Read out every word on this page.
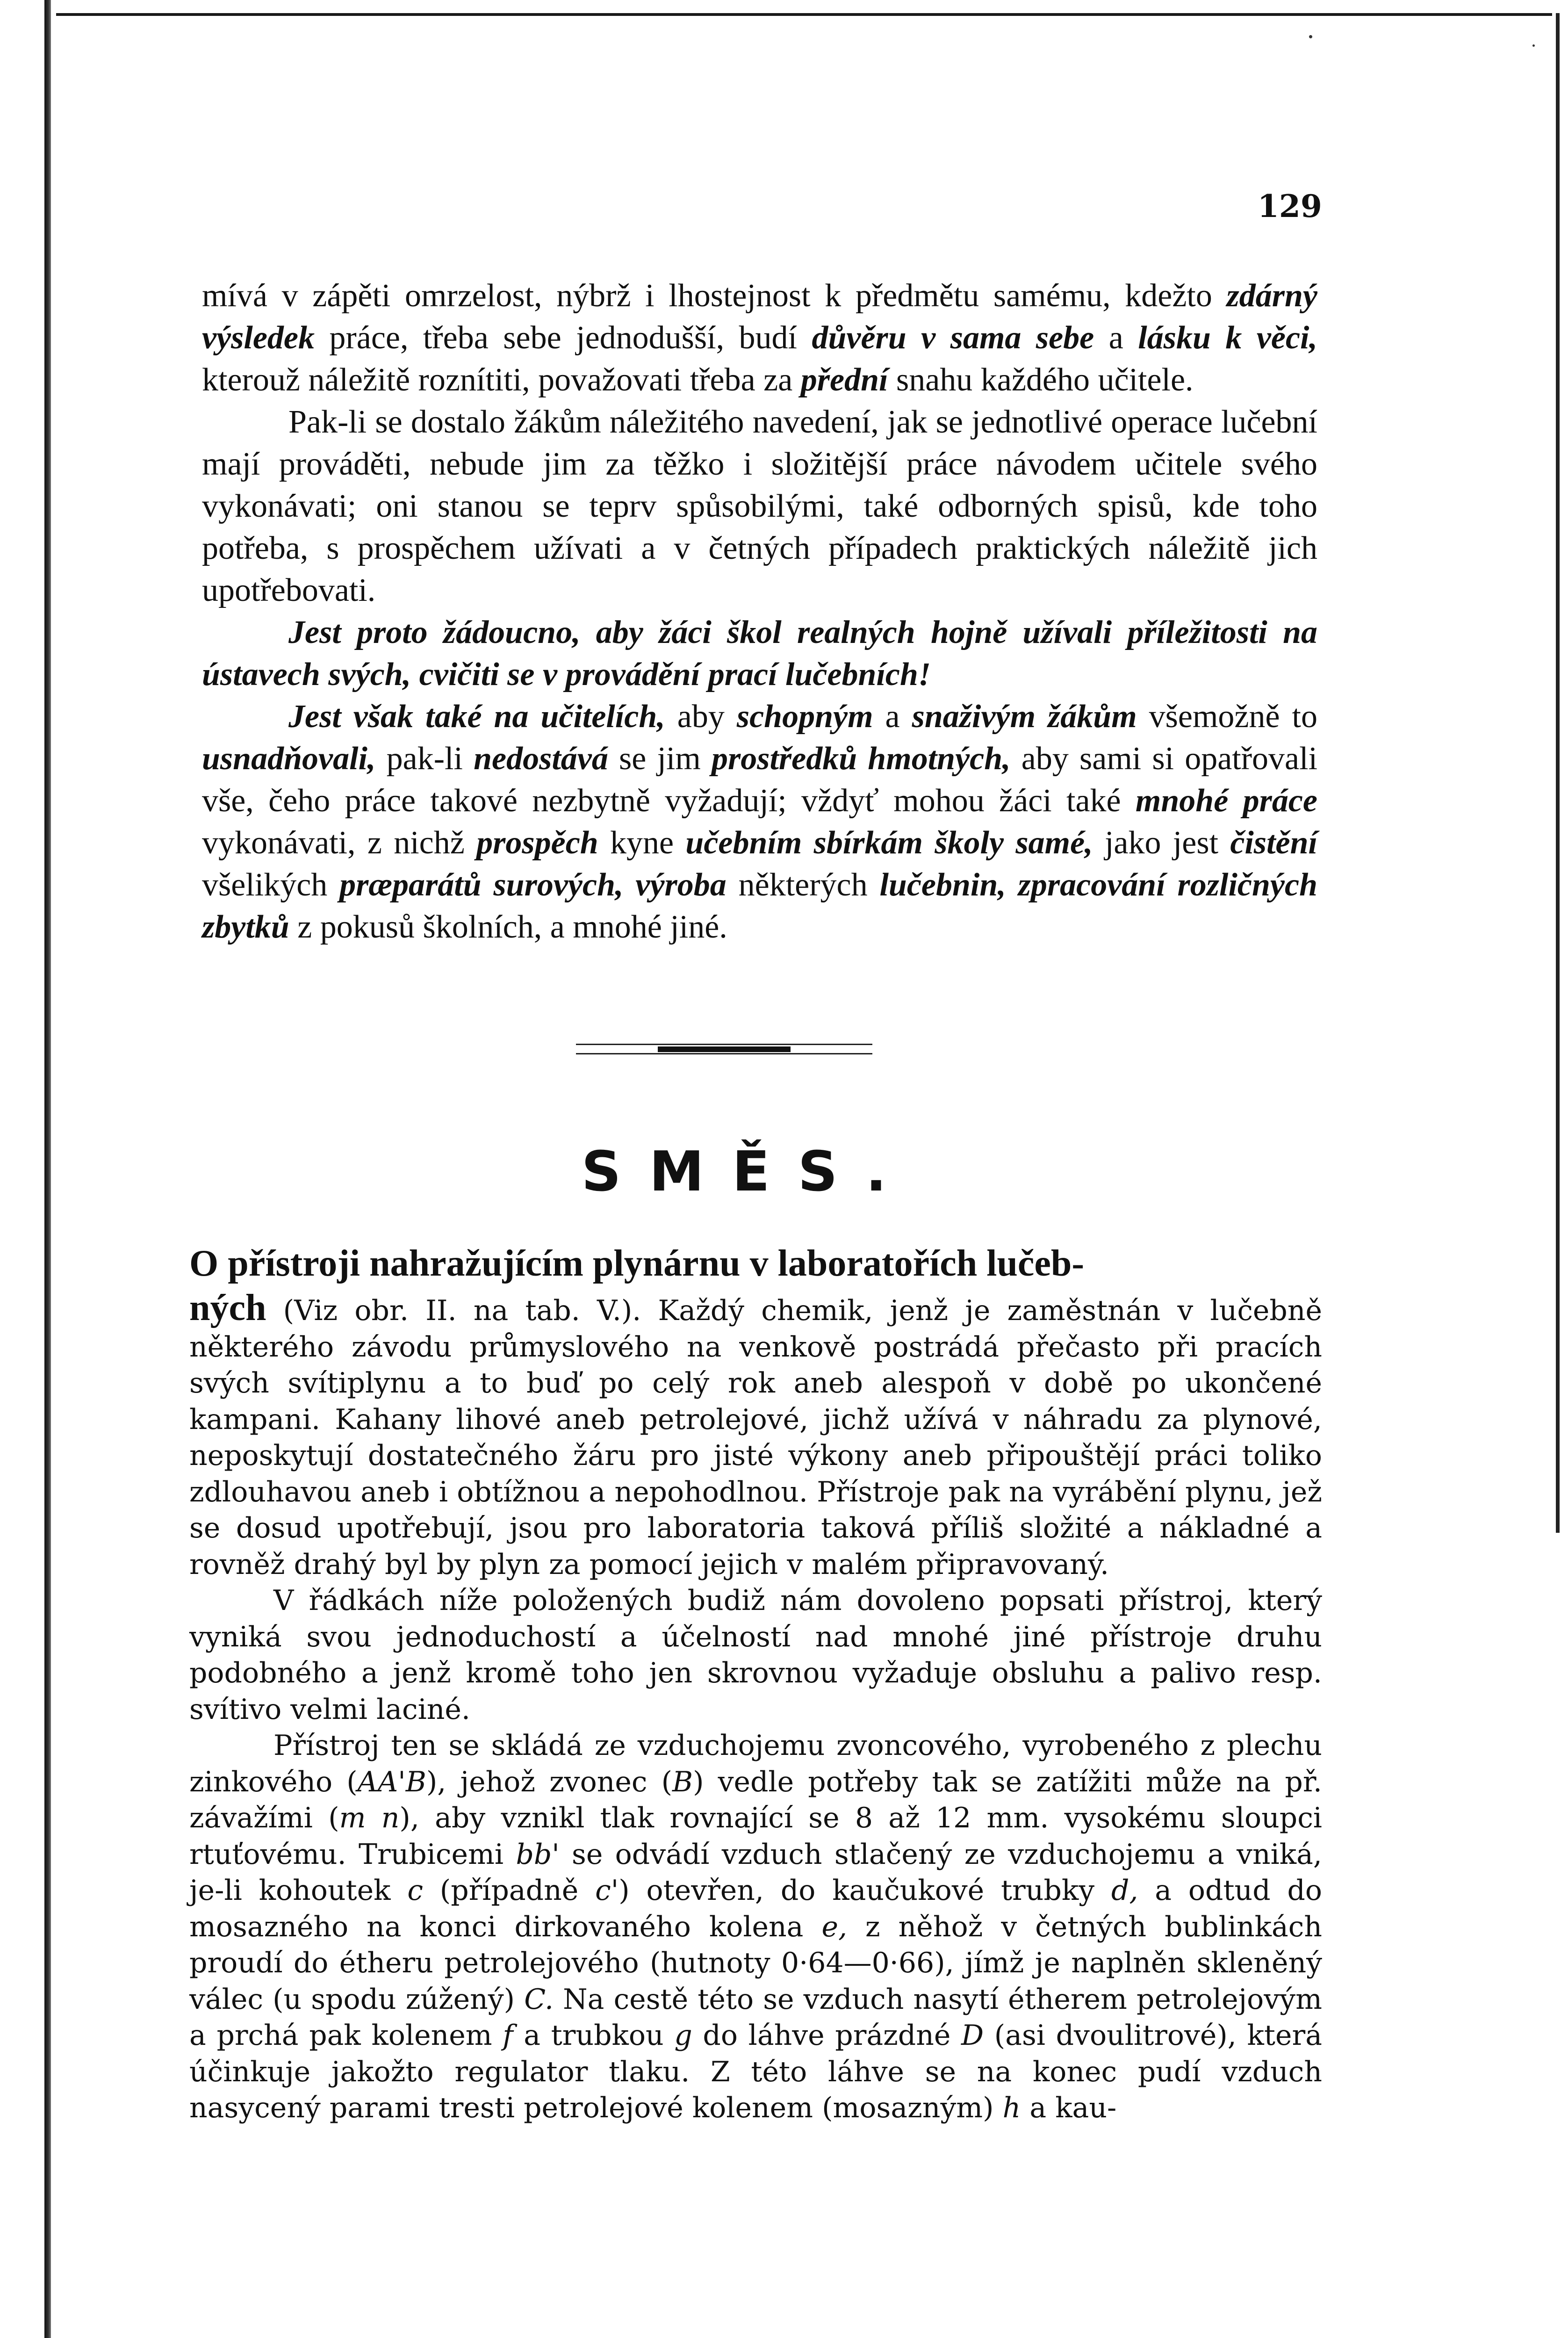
129

mívá v zápěti omrzelost, nýbrž i lhostejnost k předmětu samému, kdežto zdárný výsledek práce, třeba sebe jednodušší, budí důvěru v sama sebe a lásku k věci, kterouž náležitě roznítiti, považovati třeba za přední snahu každého učitele.

Pak-li se dostalo žákům náležitého navedení, jak se jednotlivé operace lučební mají prováděti, nebude jim za těžko i složitější práce návodem učitele svého vykonávati; oni stanou se teprv spůsobilými, také odborných spisů, kde toho potřeba, s prospěchem užívati a v četných případech praktických náležitě jich upotřebovati.

Jest proto žádoucno, aby žáci škol realných hojně užívali příležitosti na ústavech svých, cvičiti se v provádění prací lučebních!

Jest však také na učitelích, aby schopným a snaživým žákům všemožně to usnadňovali, pak-li nedostává se jim prostředků hmotných, aby sami si opatřovali vše, čeho práce takové nezbytně vyžadují; vždyť mohou žáci také mnohé práce vykonávati, z nichž prospěch kyne učebním sbírkám školy samé, jako jest čistění všelikých præparátů surových, výroba některých lučebnin, zpracování rozličných zbytků z pokusů školních, a mnohé jiné.

SMĚS.
O přístroji nahražujícím plynárnu v laboratořích lučeb-

ných (Viz obr. II. na tab. V.). Každý chemik, jenž je zaměstnán v lučebně některého závodu průmyslového na venkově postrádá přečasto při pracích svých svítiplynu a to buď po celý rok aneb alespoň v době po ukončené kampani. Kahany lihové aneb petrolejové, jichž užívá v náhradu za plynové, neposkytují dostatečného žáru pro jisté výkony aneb připouštějí práci toliko zdlouhavou aneb i obtížnou a nepohodlnou. Přístroje pak na vyrábění plynu, jež se dosud upotřebují, jsou pro laboratoria taková příliš složité a nákladné a rovněž drahý byl by plyn za pomocí jejich v malém připravovaný.

V řádkách níže položených budiž nám dovoleno popsati přístroj, který vyniká svou jednoduchostí a účelností nad mnohé jiné přístroje druhu podobného a jenž kromě toho jen skrovnou vyžaduje obsluhu a palivo resp. svítivo velmi laciné.

Přístroj ten se skládá ze vzduchojemu zvoncového, vyrobeného z plechu zinkového (AA'B), jehož zvonec (B) vedle potřeby tak se zatížiti může na př. závažími (m n), aby vznikl tlak rovnající se 8 až 12 mm. vysokému sloupci rtuťovému. Trubicemi bb' se odvádí vzduch stlačený ze vzduchojemu a vniká, je-li kohoutek c (případně c') otevřen, do kaučukové trubky d, a odtud do mosazného na konci dirkovaného kolena e, z něhož v četných bublinkách proudí do étheru petrolejového (hutnoty 0·64—0·66), jímž je naplněn skleněný válec (u spodu zúžený) C. Na cestě této se vzduch nasytí étherem petrolejovým a prchá pak kolenem f a trubkou g do láhve prázdné D (asi dvoulitrové), která účinkuje jakožto regulator tlaku. Z této láhve se na konec pudí vzduch nasycený parami tresti petrolejové kolenem (mosazným) h a kau-
